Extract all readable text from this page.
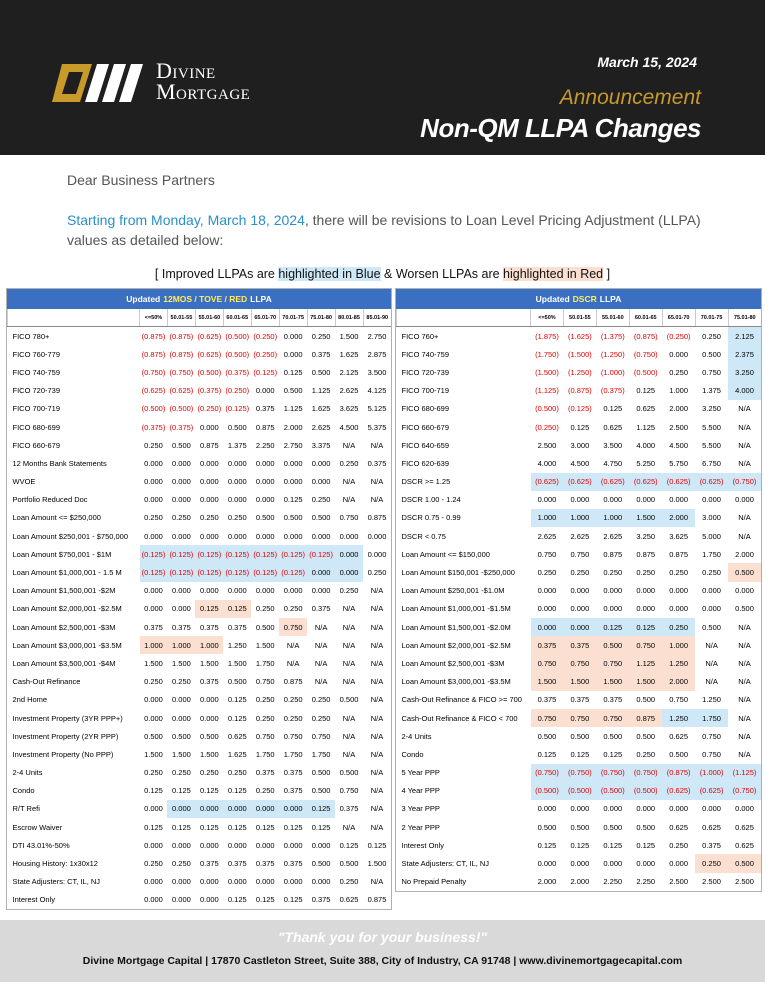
Divine
Mortgage
March 15, 2024
Announcement
Non-QM LLPA Changes
Dear Business Partners
Starting from Monday, March 18, 2024, there will be revisions to Loan Level Pricing Adjustment (LLPA) values as detailed below:
[ Improved LLPAs are highlighted in Blue & Worsen LLPAs are highlighted in Red ]
Updated 12MOS / TOVE / RED LLPA
	<=50%	50.01-55	55.01-60	60.01-65	65.01-70	70.01-75	75.01-80	80.01-85	85.01-90
FICO 780+	(0.875)	(0.875)	(0.625)	(0.500)	(0.250)	0.000	0.250	1.500	2.750
FICO 760-779	(0.875)	(0.875)	(0.625)	(0.500)	(0.250)	0.000	0.375	1.625	2.875
FICO 740-759	(0.750)	(0.750)	(0.500)	(0.375)	(0.125)	0.125	0.500	2.125	3.500
FICO 720-739	(0.625)	(0.625)	(0.375)	(0.250)	0.000	0.500	1.125	2.625	4.125
FICO 700-719	(0.500)	(0.500)	(0.250)	(0.125)	0.375	1.125	1.625	3.625	5.125
FICO 680-699	(0.375)	(0.375)	0.000	0.500	0.875	2.000	2.625	4.500	5.375
FICO 660-679	0.250	0.500	0.875	1.375	2.250	2.750	3.375	N/A	N/A
12 Months Bank Statements	0.000	0.000	0.000	0.000	0.000	0.000	0.000	0.250	0.375
WVOE	0.000	0.000	0.000	0.000	0.000	0.000	0.000	N/A	N/A
Portfolio Reduced Doc	0.000	0.000	0.000	0.000	0.000	0.125	0.250	N/A	N/A
Loan Amount <= $250,000	0.250	0.250	0.250	0.250	0.500	0.500	0.500	0.750	0.875
Loan Amount $250,001 - $750,000	0.000	0.000	0.000	0.000	0.000	0.000	0.000	0.000	0.000
Loan Amount $750,001 - $1M	(0.125)	(0.125)	(0.125)	(0.125)	(0.125)	(0.125)	(0.125)	0.000	0.000
Loan Amount $1,000,001 - 1.5 M	(0.125)	(0.125)	(0.125)	(0.125)	(0.125)	(0.125)	0.000	0.000	0.250
Loan Amount $1,500,001 -$2M	0.000	0.000	0.000	0.000	0.000	0.000	0.000	0.250	N/A
Loan Amount $2,000,001 -$2.5M	0.000	0.000	0.125	0.125	0.250	0.250	0.375	N/A	N/A
Loan Amount $2,500,001 -$3M	0.375	0.375	0.375	0.375	0.500	0.750	N/A	N/A	N/A
Loan Amount $3,000,001 -$3.5M	1.000	1.000	1.000	1.250	1.500	N/A	N/A	N/A	N/A
Loan Amount $3,500,001 -$4M	1.500	1.500	1.500	1.500	1.750	N/A	N/A	N/A	N/A
Cash-Out Refinance	0.250	0.250	0.375	0.500	0.750	0.875	N/A	N/A	N/A
2nd Home	0.000	0.000	0.000	0.125	0.250	0.250	0.250	0.500	N/A
Investment Property (3YR PPP+)	0.000	0.000	0.000	0.125	0.250	0.250	0.250	N/A	N/A
Investment Property (2YR PPP)	0.500	0.500	0.500	0.625	0.750	0.750	0.750	N/A	N/A
Investment Property (No PPP)	1.500	1.500	1.500	1.625	1.750	1.750	1.750	N/A	N/A
2-4 Units	0.250	0.250	0.250	0.250	0.375	0.375	0.500	0.500	N/A
Condo	0.125	0.125	0.125	0.125	0.250	0.375	0.500	0.750	N/A
R/T Refi	0.000	0.000	0.000	0.000	0.000	0.000	0.125	0.375	N/A
Escrow Waiver	0.125	0.125	0.125	0.125	0.125	0.125	0.125	N/A	N/A
DTI 43.01%-50%	0.000	0.000	0.000	0.000	0.000	0.000	0.000	0.125	0.125
Housing History: 1x30x12	0.250	0.250	0.375	0.375	0.375	0.375	0.500	0.500	1.500
State Adjusters: CT, IL, NJ	0.000	0.000	0.000	0.000	0.000	0.000	0.000	0.250	N/A
Interest Only	0.000	0.000	0.000	0.125	0.125	0.125	0.375	0.625	0.875
Updated DSCR LLPA
	<=50%	50.01-55	55.01-60	60.01-65	65.01-70	70.01-75	75.01-80
FICO 760+	(1.875)	(1.625)	(1.375)	(0.875)	(0.250)	0.250	2.125
FICO 740-759	(1.750)	(1.500)	(1.250)	(0.750)	0.000	0.500	2.375
FICO 720-739	(1.500)	(1.250)	(1.000)	(0.500)	0.250	0.750	3.250
FICO 700-719	(1.125)	(0.875)	(0.375)	0.125	1.000	1.375	4.000
FICO 680-699	(0.500)	(0.125)	0.125	0.625	2.000	3.250	N/A
FICO 660-679	(0.250)	0.125	0.625	1.125	2.500	5.500	N/A
FICO 640-659	2.500	3.000	3.500	4.000	4.500	5.500	N/A
FICO 620-639	4.000	4.500	4.750	5.250	5.750	6.750	N/A
DSCR >= 1.25	(0.625)	(0.625)	(0.625)	(0.625)	(0.625)	(0.625)	(0.750)
DSCR 1.00 - 1.24	0.000	0.000	0.000	0.000	0.000	0.000	0.000
DSCR 0.75 - 0.99	1.000	1.000	1.000	1.500	2.000	3.000	N/A
DSCR < 0.75	2.625	2.625	2.625	3.250	3.625	5.000	N/A
Loan Amount <= $150,000	0.750	0.750	0.875	0.875	0.875	1.750	2.000
Loan Amount $150,001 -$250,000	0.250	0.250	0.250	0.250	0.250	0.250	0.500
Loan Amount $250,001 -$1.0M	0.000	0.000	0.000	0.000	0.000	0.000	0.000
Loan Amount $1,000,001 -$1.5M	0.000	0.000	0.000	0.000	0.000	0.000	0.500
Loan Amount $1,500,001 -$2.0M	0.000	0.000	0.125	0.125	0.250	0.500	N/A
Loan Amount $2,000,001 -$2.5M	0.375	0.375	0.500	0.750	1.000	N/A	N/A
Loan Amount $2,500,001 -$3M	0.750	0.750	0.750	1.125	1.250	N/A	N/A
Loan Amount $3,000,001 -$3.5M	1.500	1.500	1.500	1.500	2.000	N/A	N/A
Cash-Out Refinance & FICO >= 700	0.375	0.375	0.375	0.500	0.750	1.250	N/A
Cash-Out Refinance & FICO < 700	0.750	0.750	0.750	0.875	1.250	1.750	N/A
2-4 Units	0.500	0.500	0.500	0.500	0.625	0.750	N/A
Condo	0.125	0.125	0.125	0.250	0.500	0.750	N/A
5 Year PPP	(0.750)	(0.750)	(0.750)	(0.750)	(0.875)	(1.000)	(1.125)
4 Year PPP	(0.500)	(0.500)	(0.500)	(0.500)	(0.625)	(0.625)	(0.750)
3 Year PPP	0.000	0.000	0.000	0.000	0.000	0.000	0.000
2 Year PPP	0.500	0.500	0.500	0.500	0.625	0.625	0.625
Interest Only	0.125	0.125	0.125	0.125	0.250	0.375	0.625
State Adjusters: CT, IL, NJ	0.000	0.000	0.000	0.000	0.000	0.250	0.500
No Prepaid Penalty	2.000	2.000	2.250	2.250	2.500	2.500	2.500
"Thank you for your business!"
Divine Mortgage Capital | 17870 Castleton Street, Suite 388, City of Industry, CA 91748 | www.divinemortgagecapital.com
